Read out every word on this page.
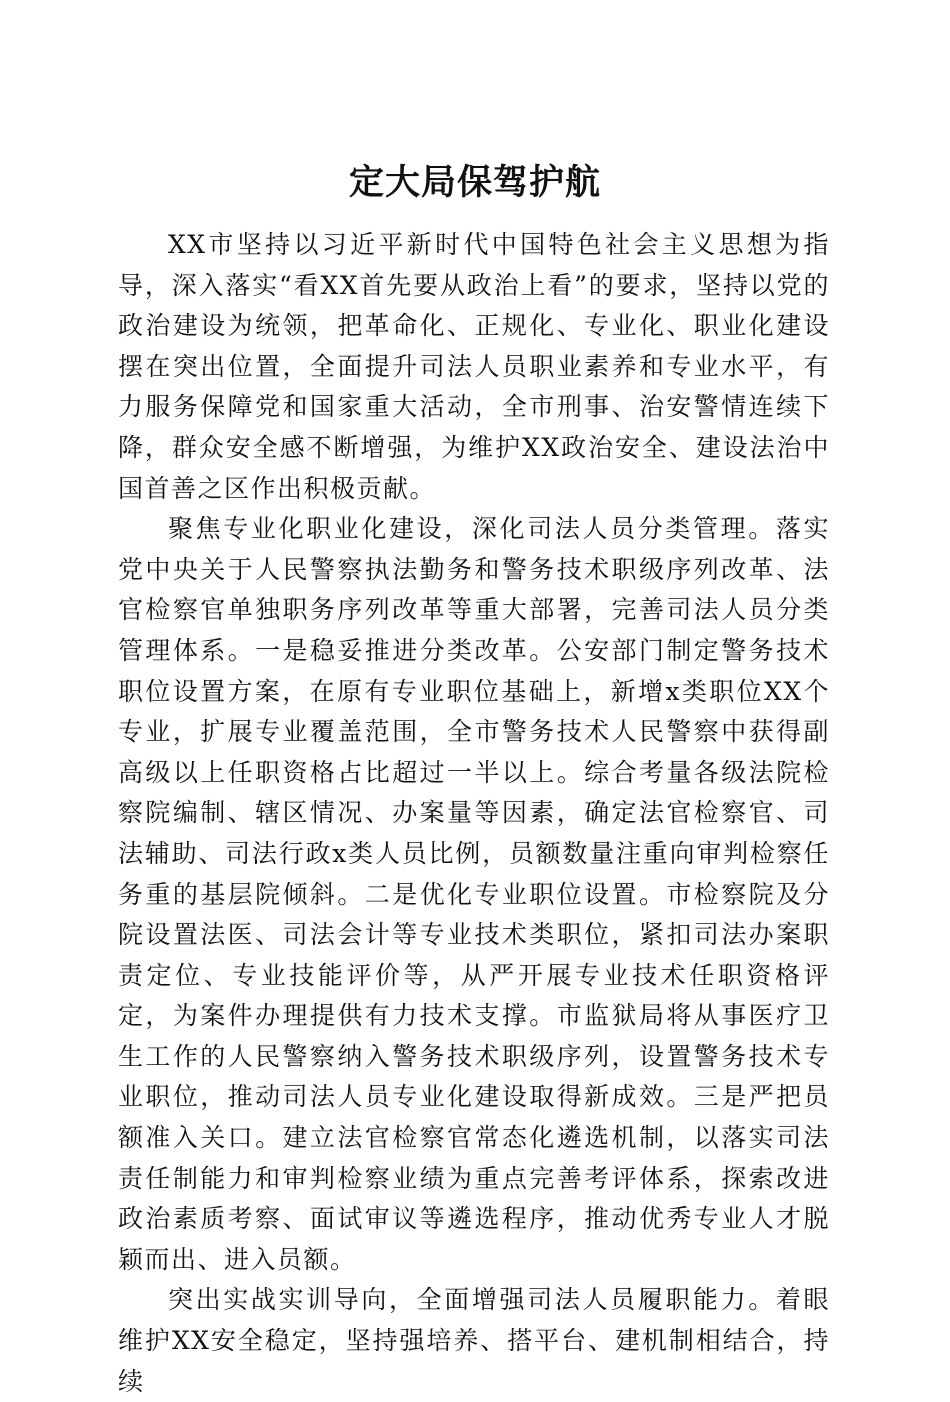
定大局保驾护航

XX市坚持以习近平新时代中国特色社会主义思想为指导，深入落实“看XX首先要从政治上看”的要求，坚持以党的政治建设为统领，把革命化、正规化、专业化、职业化建设摆在突出位置，全面提升司法人员职业素养和专业水平，有力服务保障党和国家重大活动，全市刑事、治安警情连续下降，群众安全感不断增强，为维护XX政治安全、建设法治中国首善之区作出积极贡献。

聚焦专业化职业化建设，深化司法人员分类管理。落实党中央关于人民警察执法勤务和警务技术职级序列改革、法官检察官单独职务序列改革等重大部署，完善司法人员分类管理体系。一是稳妥推进分类改革。公安部门制定警务技术职位设置方案，在原有专业职位基础上，新增x类职位XX个专业，扩展专业覆盖范围，全市警务技术人民警察中获得副高级以上任职资格占比超过一半以上。综合考量各级法院检察院编制、辖区情况、办案量等因素，确定法官检察官、司法辅助、司法行政x类人员比例，员额数量注重向审判检察任务重的基层院倾斜。二是优化专业职位设置。市检察院及分院设置法医、司法会计等专业技术类职位，紧扣司法办案职责定位、专业技能评价等，从严开展专业技术任职资格评定，为案件办理提供有力技术支撑。市监狱局将从事医疗卫生工作的人民警察纳入警务技术职级序列，设置警务技术专业职位，推动司法人员专业化建设取得新成效。三是严把员额准入关口。建立法官检察官常态化遴选机制，以落实司法责任制能力和审判检察业绩为重点完善考评体系，探索改进政治素质考察、面试审议等遴选程序，推动优秀专业人才脱颖而出、进入员额。

突出实战实训导向，全面增强司法人员履职能力。着眼维护XX安全稳定，坚持强培养、搭平台、建机制相结合，持续
